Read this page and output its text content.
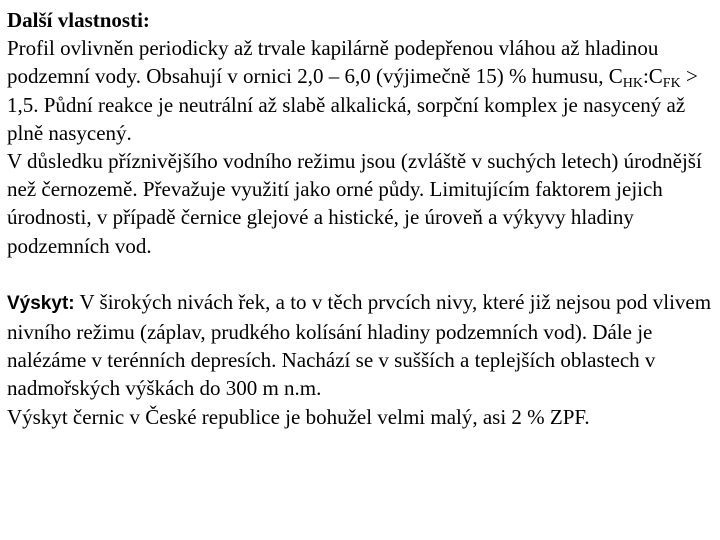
Další vlastnosti:

Profil ovlivněn periodicky až trvale kapilárně podepřenou vláhou až hladinou podzemní vody. Obsahují v ornici 2,0 – 6,0 (výjimečně 15) % humusu, $C_{HK}:C_{FK} > 1,5$. Půdní reakce je neutrální až slabě alkalická, sorpční komplex je nasycený až plně nasycený.

V důsledku příznivějšího vodního režimu jsou (zvláště v suchých letech) úrodnější než černozemě. Převažuje využití jako orné půdy. Limitujícím faktorem jejich úrodnosti, v případě černice glejové a histické, je úroveň a výkyvy hladiny podzemních vod.

Výskyt: V širokých nivách řek, a to v těch prvcích nivy, které již nejsou pod vlivem nivního režimu (záplav, prudkého kolísání hladiny podzemních vod). Dále je nalézáme v terénních depresích. Nachází se v sušších a teplejších oblastech v nadmořských výškách do 300 m n.m.

Výskyt černic v České republice je bohužel velmi malý, asi 2 % ZPF.
